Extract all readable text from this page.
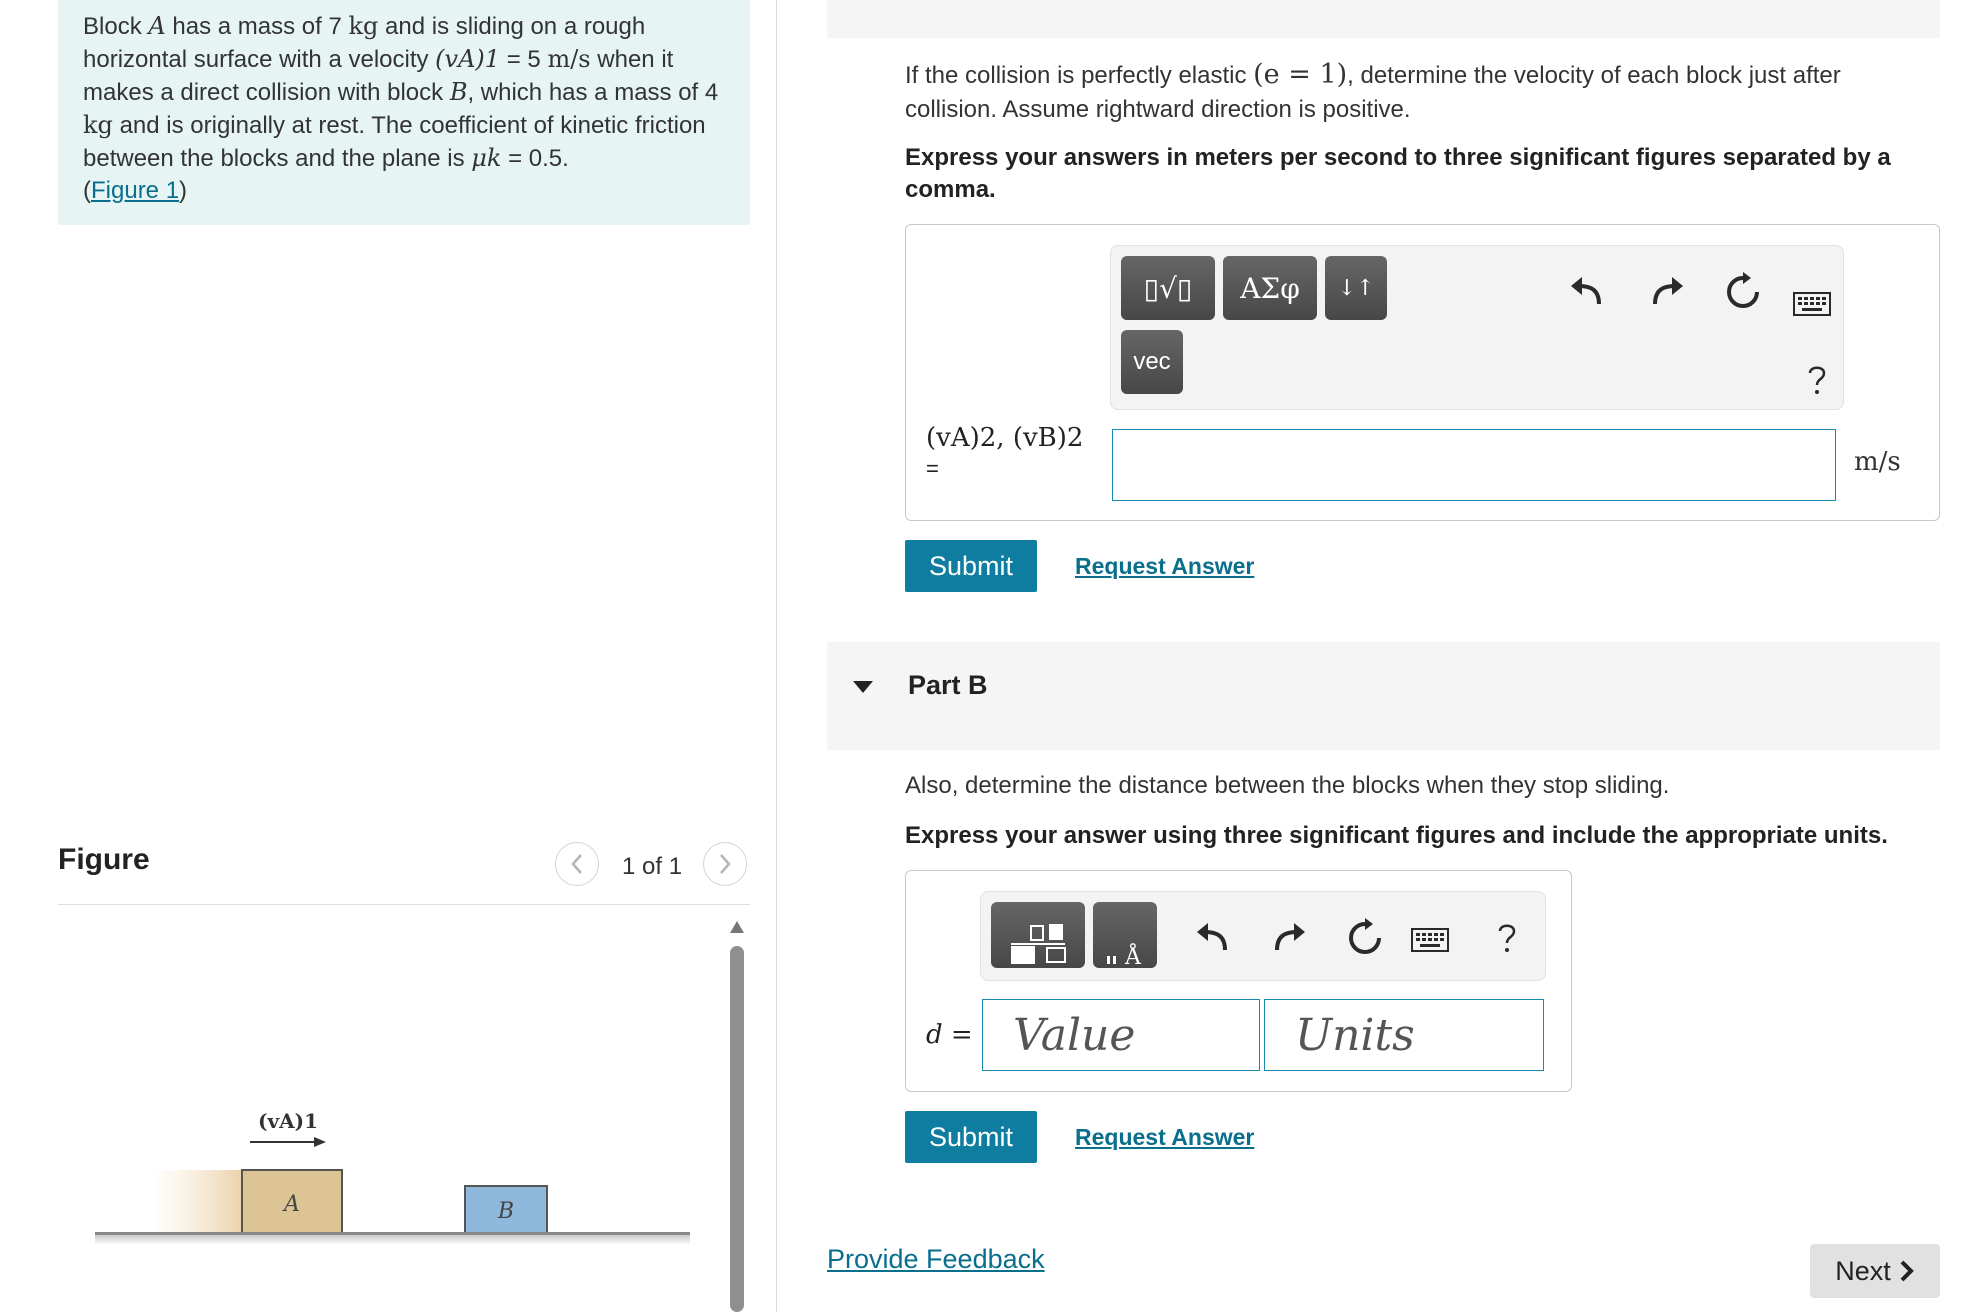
Block A has a mass of 7 kg and is sliding on a rough horizontal surface with a velocity (vA)1 = 5 m/s when it makes a direct collision with block B, which has a mass of 4 kg and is originally at rest. The coefficient of kinetic friction between the blocks and the plane is μk = 0.5.
(Figure 1)
Figure	1 of 1
A	B
(vA)1
If the collision is perfectly elastic (e = 1), determine the velocity of each block just after collision. Assume rightward direction is positive.
Express your answers in meters per second to three significant figures separated by a comma.
▯√▯ ΑΣφ ↓↑
vec
(vA)2, (vB)2
=	m/s
Submit	Request Answer
Part B
Also, determine the distance between the blocks when they stop sliding.
Express your answer using three significant figures and include the appropriate units.
Å
d = Value	Units
Submit	Request Answer
Provide Feedback	Next
